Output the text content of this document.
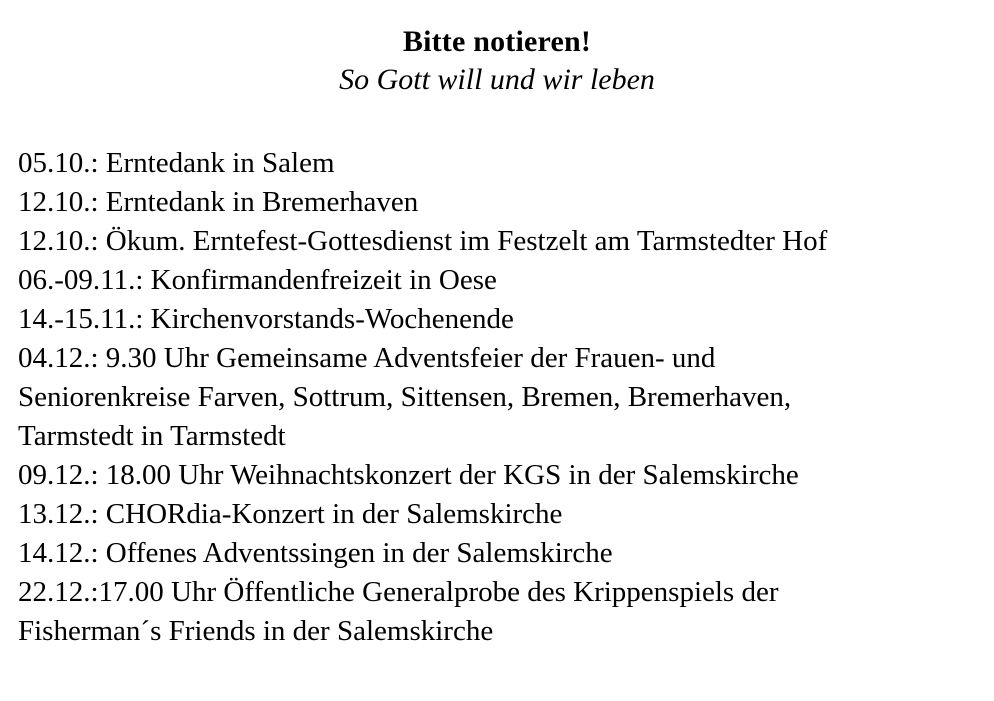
Bitte notieren!
So Gott will und wir leben
05.10.: Erntedank in Salem
12.10.: Erntedank in Bremerhaven
12.10.: Ökum. Erntefest-Gottesdienst im Festzelt am Tarmstedter Hof
06.-09.11.: Konfirmandenfreizeit in Oese
14.-15.11.: Kirchenvorstands-Wochenende
04.12.: 9.30 Uhr Gemeinsame Adventsfeier der Frauen- und
Seniorenkreise Farven, Sottrum, Sittensen, Bremen, Bremerhaven,
Tarmstedt in Tarmstedt
09.12.: 18.00 Uhr Weihnachtskonzert der KGS in der Salemskirche
13.12.: CHORdia-Konzert in der Salemskirche
14.12.: Offenes Adventssingen in der Salemskirche
22.12.:17.00 Uhr Öffentliche Generalprobe des Krippenspiels der
Fisherman´s Friends in der Salemskirche
